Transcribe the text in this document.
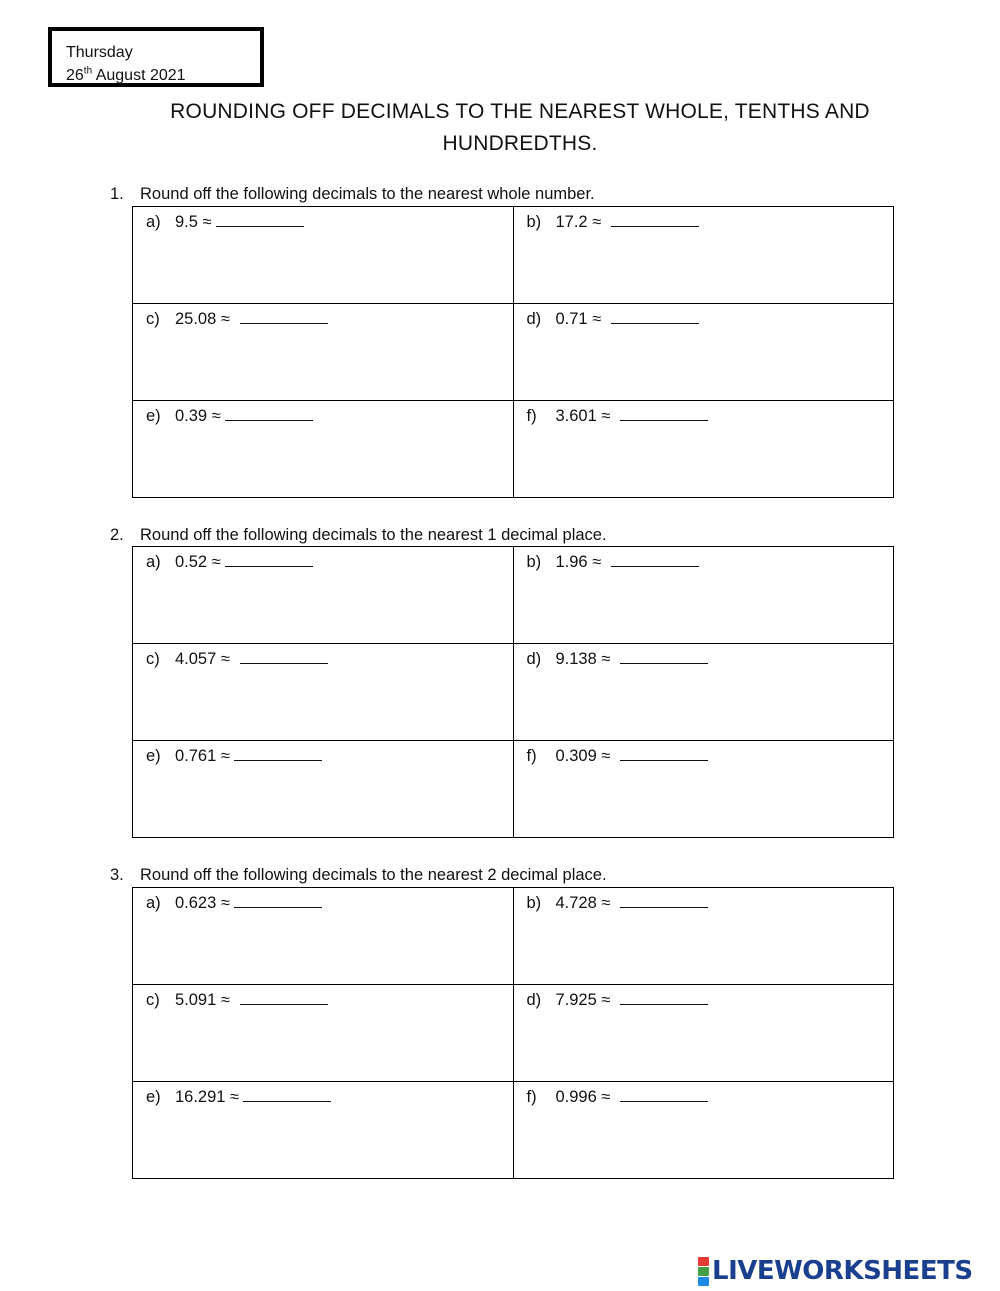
Thursday
26th August 2021
ROUNDING OFF DECIMALS TO THE NEAREST WHOLE, TENTHS AND
HUNDREDTHS.
1. Round off the following decimals to the nearest whole number.
a) 9.5 ≈	b) 17.2 ≈
c) 25.08 ≈	d) 0.71 ≈
e) 0.39 ≈	f) 3.601 ≈
2. Round off the following decimals to the nearest 1 decimal place.
a) 0.52 ≈	b) 1.96 ≈
c) 4.057 ≈	d) 9.138 ≈
e) 0.761 ≈	f) 0.309 ≈
3. Round off the following decimals to the nearest 2 decimal place.
a) 0.623 ≈	b) 4.728 ≈
c) 5.091 ≈	d) 7.925 ≈
e) 16.291 ≈	f) 0.996 ≈
LIVEWORKSHEETS
